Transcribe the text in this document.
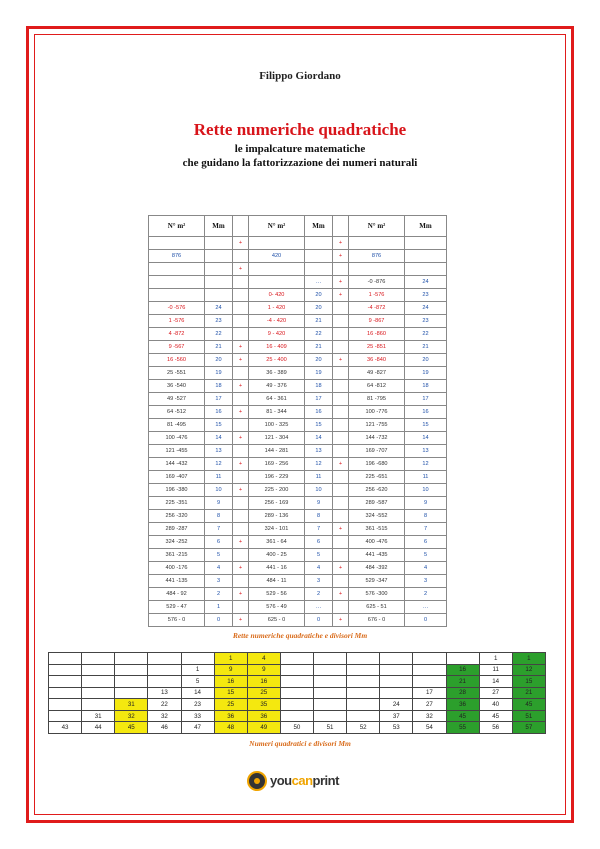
Filippo Giordano
Rette numeriche quadratiche
le impalcature matematiche
che guidano la fattorizzazione dei numeri naturali
N° m²	Mm		N° m²	Mm		N° m²	Mm
		+			+		
876			420		+	876	
		+					
				…	+	-0 -876	24
			0- 420	20	+	1 -576	23
-0 -576	24		1 - 420	20		-4 -872	24
1 -576	23		-4 - 420	21		9 -867	23
4 -872	22		9 - 420	22		16 -860	22
9 -567	21	+	16 - 409	21		25 -851	21
16 -560	20	+	25 - 400	20	+	36 -840	20
25 -551	19		36 - 389	19		49 -827	19
36 -540	18	+	49 - 376	18		64 -812	18
49 -527	17		64 - 361	17		81 -795	17
64 -512	16	+	81 - 344	16		100 -776	16
81 -495	15		100 - 325	15		121 -755	15
100 -476	14	+	121 - 304	14		144 -732	14
121 -455	13		144 - 281	13		169 -707	13
144 -432	12	+	169 - 256	12	+	196 -680	12
169 -407	11		196 - 229	11		225 -651	11
196 -380	10	+	225 - 200	10		256 -620	10
225 -351	9		256 - 169	9		289 -587	9
256 -320	8		289 - 136	8		324 -552	8
289 -287	7		324 - 101	7	+	361 -515	7
324 -252	6	+	361 - 64	6		400 -476	6
361 -215	5		400 - 25	5		441 -435	5
400 -176	4	+	441 - 16	4	+	484 -392	4
441 -135	3		484 - 11	3		529 -347	3
484 - 92	2	+	529 - 56	2	+	576 -300	2
529 - 47	1		576 - 49	…		625 - 51	…
576 - 0	0	+	625 - 0	0	+	676 - 0	0
Rette numeriche quadratiche e divisori Mm
					1	4							1	1
				1	9	9						16	11	12
				5	16	16						21	14	15
			13	14	15	25					17	28	27	21
		31	22	23	25	35				24	27	36	40	45
	31	32	32	33	36	36				37	32	45	45	51
43	44	45	46	47	48	49	50	51	52	53	54	55	56	57
Numeri quadratici e divisori Mm
youcanprint
